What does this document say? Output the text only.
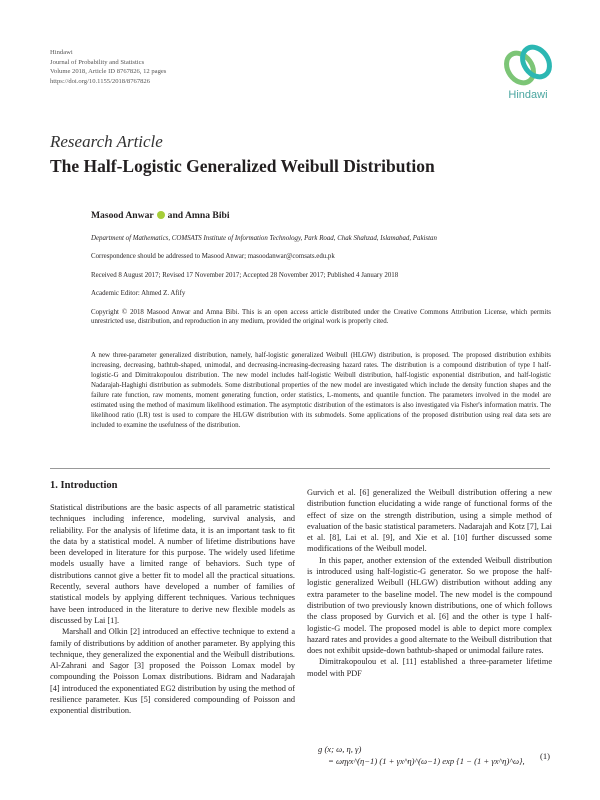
Hindawi
Journal of Probability and Statistics
Volume 2018, Article ID 8767826, 12 pages
https://doi.org/10.1155/2018/8767826
Hindawi
Research Article
The Half-Logistic Generalized Weibull Distribution
Masood Anwar and Amna Bibi
Department of Mathematics, COMSATS Institute of Information Technology, Park Road, Chak Shahzad, Islamabad, Pakistan
Correspondence should be addressed to Masood Anwar; masoodanwar@comsats.edu.pk
Received 8 August 2017; Revised 17 November 2017; Accepted 28 November 2017; Published 4 January 2018
Academic Editor: Ahmed Z. Afify
Copyright © 2018 Masood Anwar and Amna Bibi. This is an open access article distributed under the Creative Commons Attribution License, which permits unrestricted use, distribution, and reproduction in any medium, provided the original work is properly cited.
A new three-parameter generalized distribution, namely, half-logistic generalized Weibull (HLGW) distribution, is proposed. The proposed distribution exhibits increasing, decreasing, bathtub-shaped, unimodal, and decreasing-increasing-decreasing hazard rates. The distribution is a compound distribution of type I half-logistic-G and Dimitrakopoulou distribution. The new model includes half-logistic Weibull distribution, half-logistic exponential distribution, and half-logistic Nadarajah-Haghighi distribution as submodels. Some distributional properties of the new model are investigated which include the density function shapes and the failure rate function, raw moments, moment generating function, order statistics, L-moments, and quantile function. The parameters involved in the model are estimated using the method of maximum likelihood estimation. The asymptotic distribution of the estimators is also investigated via Fisher's information matrix. The likelihood ratio (LR) test is used to compare the HLGW distribution with its submodels. Some applications of the proposed distribution using real data sets are included to examine the usefulness of the distribution.
1. Introduction

Statistical distributions are the basic aspects of all parametric statistical techniques including inference, modeling, survival analysis, and reliability. For the analysis of lifetime data, it is an important task to fit the data by a statistical model. A number of lifetime distributions have been developed in literature for this purpose. The widely used lifetime models usually have a limited range of behaviors. Such type of distributions cannot give a better fit to model all the practical situations. Recently, several authors have developed a number of families of statistical models by applying different techniques. Various techniques have been introduced in the literature to derive new flexible models as discussed by Lai [1].

Marshall and Olkin [2] introduced an effective technique to extend a family of distributions by addition of another parameter. By applying this technique, they generalized the exponential and the Weibull distributions. Al-Zahrani and Sagor [3] proposed the Poisson Lomax model by compounding the Poisson Lomax distributions. Bidram and Nadarajah [4] introduced the exponentiated EG2 distribution by using the method of resilience parameter. Kus [5] considered compounding of Poisson and exponential distribution.

Gurvich et al. [6] generalized the Weibull distribution offering a new distribution function elucidating a wide range of functional forms of the effect of size on the strength distribution, using a simple method of evaluation of the basic statistical parameters. Nadarajah and Kotz [7], Lai et al. [8], Lai et al. [9], and Xie et al. [10] further discussed some modifications of the Weibull model.

In this paper, another extension of the extended Weibull distribution is introduced using half-logistic-G generator. So we propose the half-logistic generalized Weibull (HLGW) distribution without adding any extra parameter to the baseline model. The new model is the compound distribution of two previously known distributions, one of which follows the class proposed by Gurvich et al. [6] and the other is type I half-logistic-G model. The proposed model is able to depict more complex hazard rates and provides a good alternate to the Weibull distribution that does not exhibit upside-down bathtub-shaped or unimodal failure rates.

Dimitrakopoulou et al. [11] established a three-parameter lifetime model with PDF

g (x; ω, η, γ)
= ωηγx^(η−1) (1 + γx^η)^(ω−1) exp {1 − (1 + γx^η)^ω},	(1)
